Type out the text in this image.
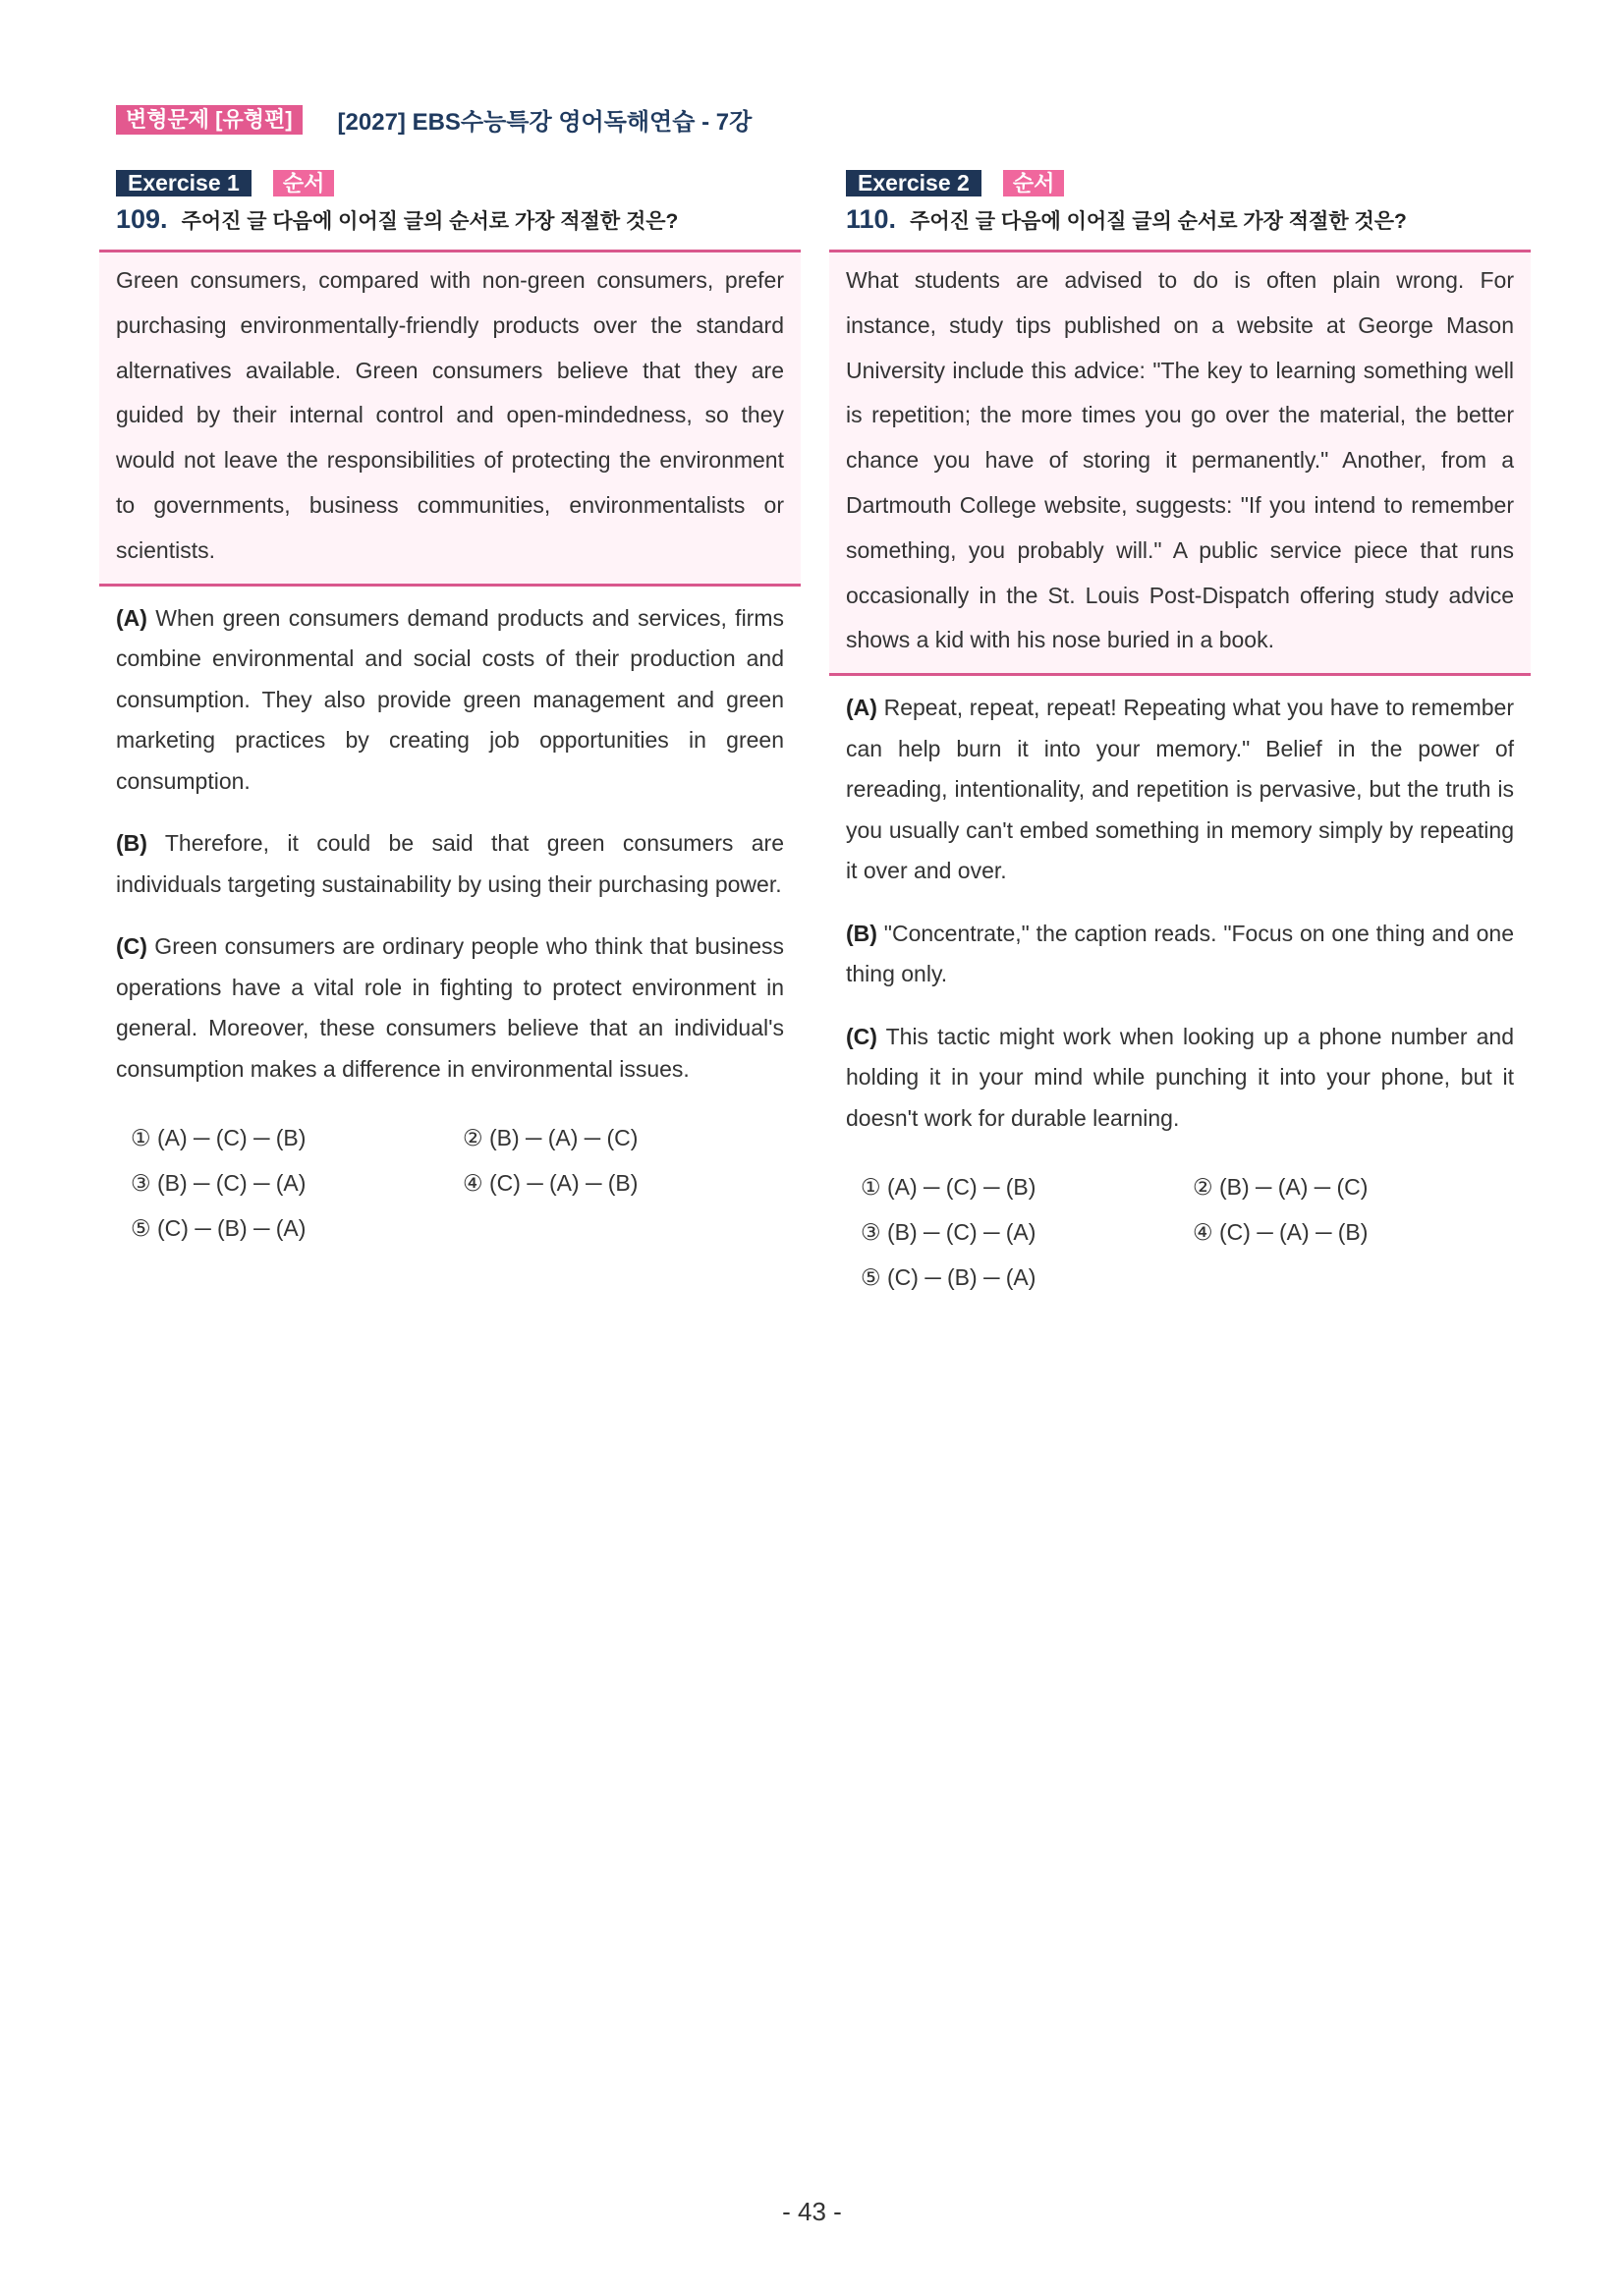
변형문제 [유형편]	[2027] EBS수능특강 영어독해연습 - 7강
Exercise 1	순서
109. 주어진 글 다음에 이어질 글의 순서로 가장 적절한 것은?
Green consumers, compared with non-green consumers, prefer purchasing environmentally-friendly products over the standard alternatives available. Green consumers believe that they are guided by their internal control and open-mindedness, so they would not leave the responsibilities of protecting the environment to governments, business communities, environmentalists or scientists.
(A) When green consumers demand products and services, firms combine environmental and social costs of their production and consumption. They also provide green management and green marketing practices by creating job opportunities in green consumption.
(B) Therefore, it could be said that green consumers are individuals targeting sustainability by using their purchasing power.
(C) Green consumers are ordinary people who think that business operations have a vital role in fighting to protect environment in general. Moreover, these consumers believe that an individual's consumption makes a difference in environmental issues.
① (A) ─ (C) ─ (B)	② (B) ─ (A) ─ (C)
③ (B) ─ (C) ─ (A)	④ (C) ─ (A) ─ (B)
⑤ (C) ─ (B) ─ (A)
Exercise 2	순서
110. 주어진 글 다음에 이어질 글의 순서로 가장 적절한 것은?
What students are advised to do is often plain wrong. For instance, study tips published on a website at George Mason University include this advice: "The key to learning something well is repetition; the more times you go over the material, the better chance you have of storing it permanently." Another, from a Dartmouth College website, suggests: "If you intend to remember something, you probably will." A public service piece that runs occasionally in the St. Louis Post-Dispatch offering study advice shows a kid with his nose buried in a book.
(A) Repeat, repeat, repeat! Repeating what you have to remember can help burn it into your memory." Belief in the power of rereading, intentionality, and repetition is pervasive, but the truth is you usually can't embed something in memory simply by repeating it over and over.
(B) "Concentrate," the caption reads. "Focus on one thing and one thing only.
(C) This tactic might work when looking up a phone number and holding it in your mind while punching it into your phone, but it doesn't work for durable learning.
① (A) ─ (C) ─ (B)	② (B) ─ (A) ─ (C)
③ (B) ─ (C) ─ (A)	④ (C) ─ (A) ─ (B)
⑤ (C) ─ (B) ─ (A)
- 43 -
